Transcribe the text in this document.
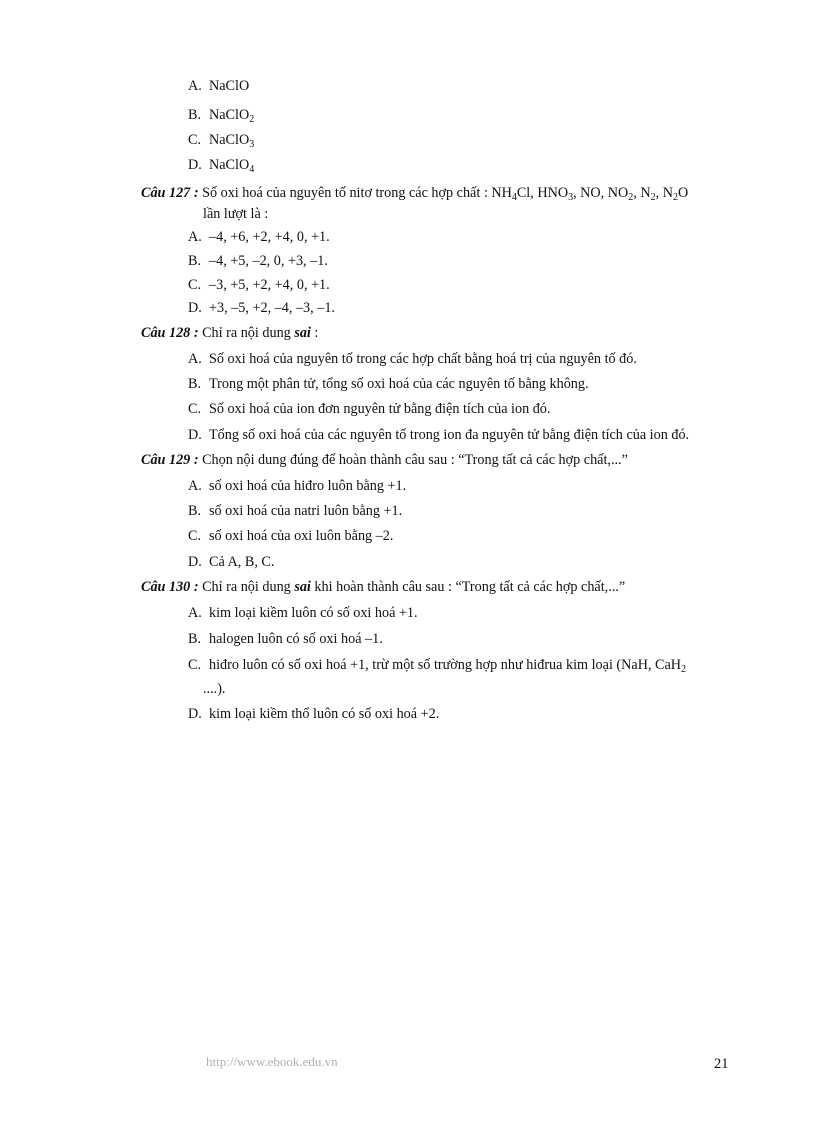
A. NaClO
B. NaClO$_2$
C. NaClO$_3$
D. NaClO$_4$
Câu 127 : Số oxi hoá của nguyên tố nitơ trong các hợp chất : $NH_4Cl$, $HNO_3$, NO, $NO_2$, $N_2$, $N_2O$
lần lượt là :
A. –4, +6, +2, +4, 0, +1.
B. –4, +5, –2, 0, +3, –1.
C. –3, +5, +2, +4, 0, +1.
D. +3, –5, +2, –4, –3, –1.
Câu 128 : Chỉ ra nội dung sai :
A. Số oxi hoá của nguyên tố trong các hợp chất bằng hoá trị của nguyên tố đó.
B. Trong một phân tử, tổng số oxi hoá của các nguyên tố bằng không.
C. Số oxi hoá của ion đơn nguyên tử bằng điện tích của ion đó.
D. Tổng số oxi hoá của các nguyên tố trong ion đa nguyên tử bằng điện tích của ion đó.
Câu 129 : Chọn nội dung đúng để hoàn thành câu sau : “Trong tất cả các hợp chất,...”
A. số oxi hoá của hiđro luôn bằng +1.
B. số oxi hoá của natri luôn bằng +1.
C. số oxi hoá của oxi luôn bằng –2.
D. Cả A, B, C.
Câu 130 : Chỉ ra nội dung sai khi hoàn thành câu sau : “Trong tất cả các hợp chất,...”
A. kim loại kiềm luôn có số oxi hoá +1.
B. halogen luôn có số oxi hoá –1.
C. hiđro luôn có số oxi hoá +1, trừ một số trường hợp như hiđrua kim loại (NaH, CaH$_2$
....).
D. kim loại kiềm thổ luôn có số oxi hoá +2.
http://www.ebook.edu.vn	21
